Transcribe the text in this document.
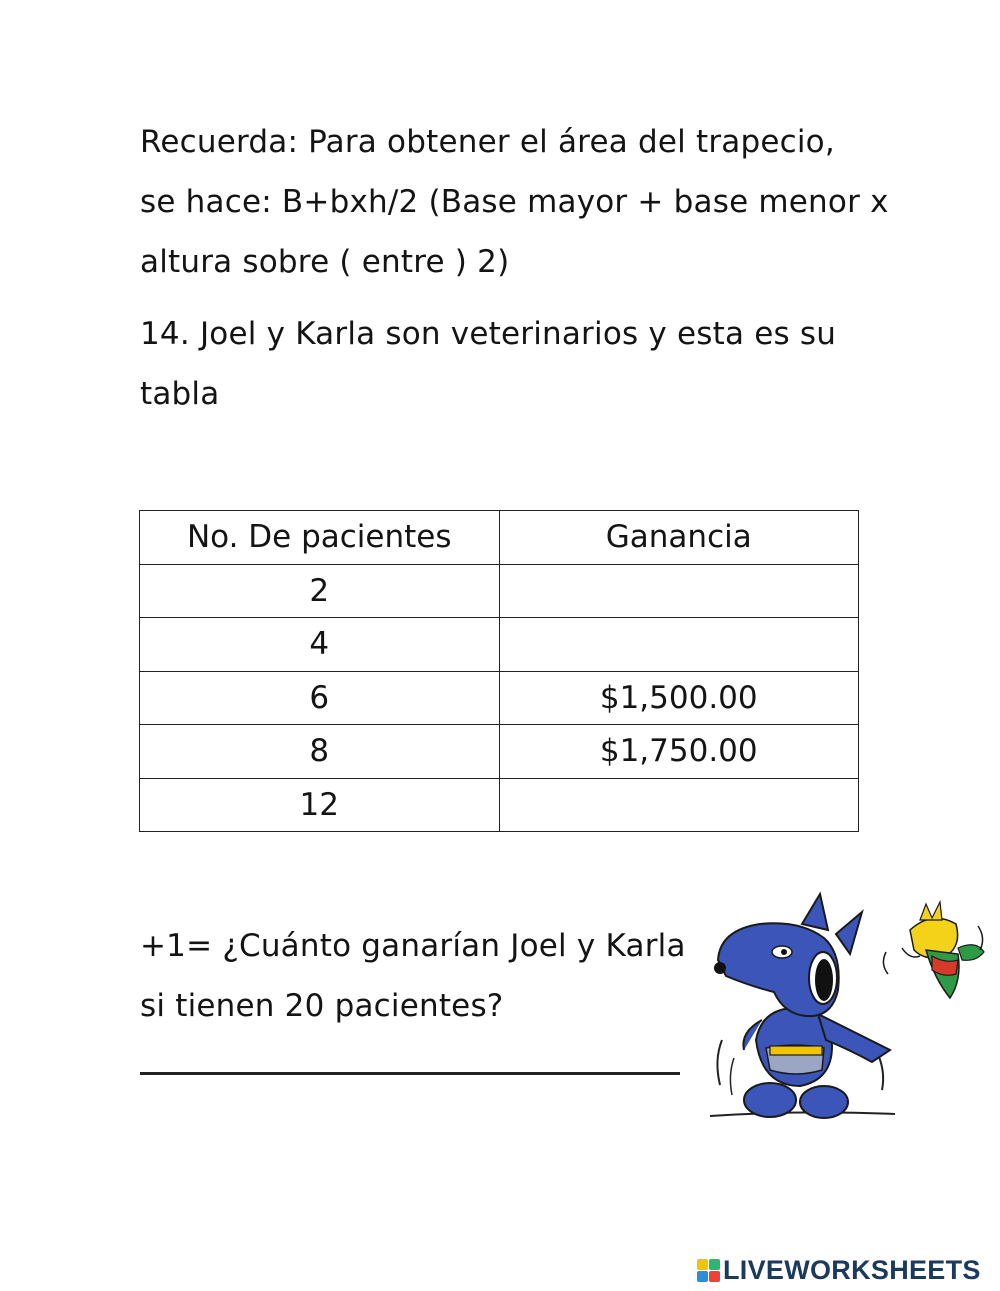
Recuerda: Para obtener el área del trapecio,
se hace: B+bxh/2 (Base mayor + base menor x
altura sobre ( entre ) 2)
14. Joel y Karla son veterinarios y esta es su
tabla
No. De pacientes	Ganancia
2	
4	
6	$1,500.00
8	$1,750.00
12	
+1= ¿Cuánto ganarían Joel y Karla
si tienen 20 pacientes?
LIVEWORKSHEETS
